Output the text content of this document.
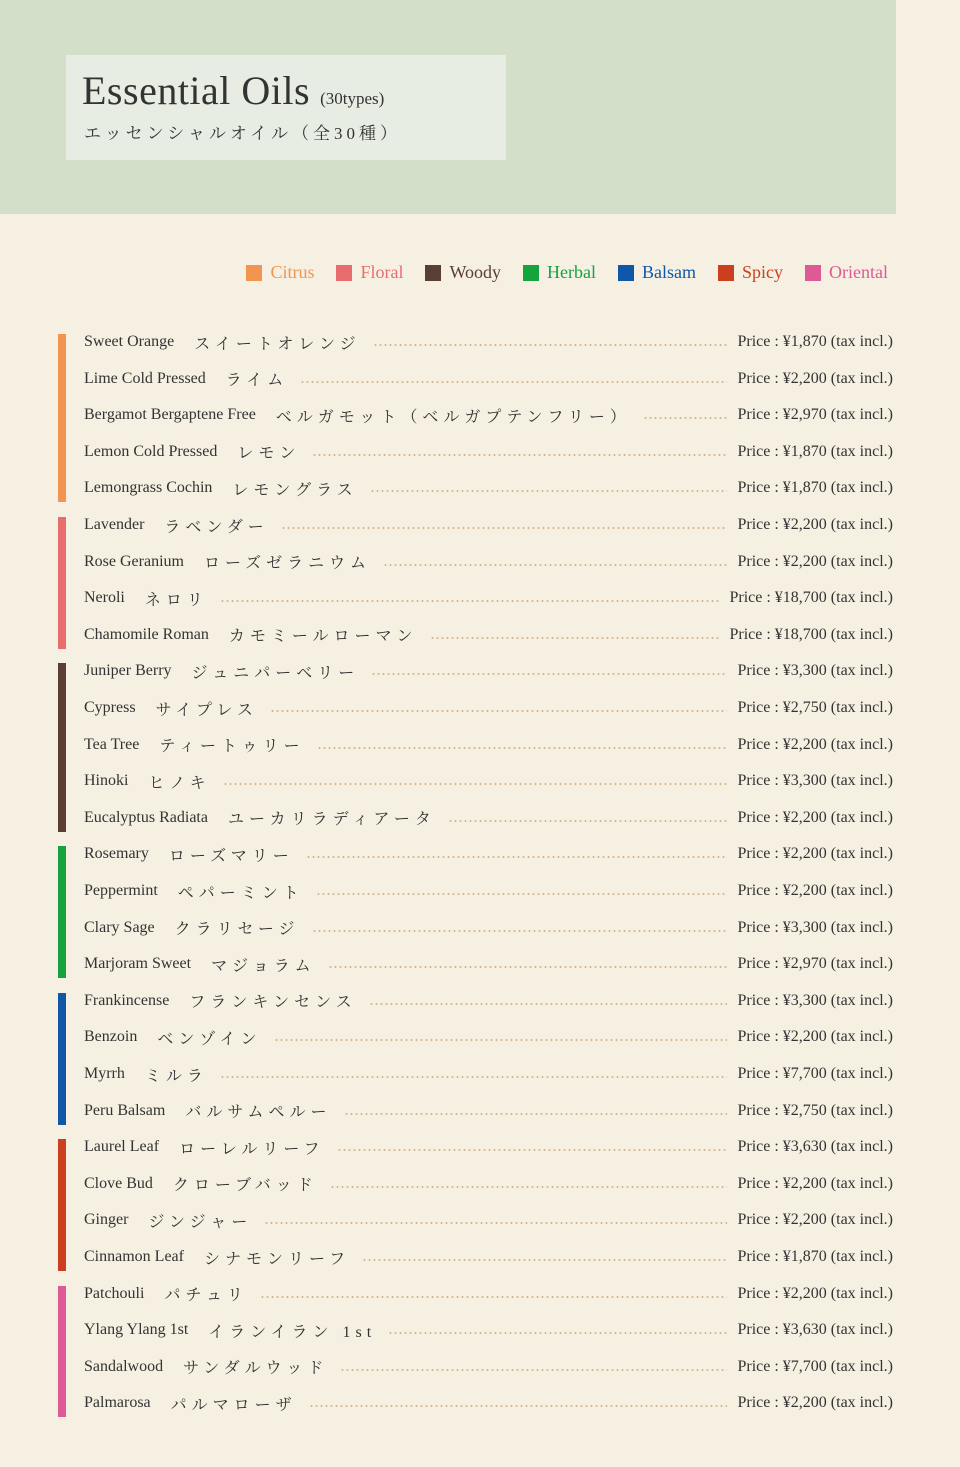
Essential Oils (30types)
エッセンシャルオイル（全30種）
Citrus	Floral	Woody	Herbal	Balsam	Spicy	Oriental
Sweet Orange スイートオレンジ	Price : ¥1,870 (tax incl.)
Lime Cold Pressed ライム	Price : ¥2,200 (tax incl.)
Bergamot Bergaptene Free ベルガモット（ベルガプテンフリー）	Price : ¥2,970 (tax incl.)
Lemon Cold Pressed レモン	Price : ¥1,870 (tax incl.)
Lemongrass Cochin レモングラス	Price : ¥1,870 (tax incl.)
Lavender ラベンダー	Price : ¥2,200 (tax incl.)
Rose Geranium ローズゼラニウム	Price : ¥2,200 (tax incl.)
Neroli ネロリ	Price : ¥18,700 (tax incl.)
Chamomile Roman カモミールローマン	Price : ¥18,700 (tax incl.)
Juniper Berry ジュニパーベリー	Price : ¥3,300 (tax incl.)
Cypress サイプレス	Price : ¥2,750 (tax incl.)
Tea Tree ティートゥリー	Price : ¥2,200 (tax incl.)
Hinoki ヒノキ	Price : ¥3,300 (tax incl.)
Eucalyptus Radiata ユーカリラディアータ	Price : ¥2,200 (tax incl.)
Rosemary ローズマリー	Price : ¥2,200 (tax incl.)
Peppermint ペパーミント	Price : ¥2,200 (tax incl.)
Clary Sage クラリセージ	Price : ¥3,300 (tax incl.)
Marjoram Sweet マジョラム	Price : ¥2,970 (tax incl.)
Frankincense フランキンセンス	Price : ¥3,300 (tax incl.)
Benzoin ベンゾイン	Price : ¥2,200 (tax incl.)
Myrrh ミルラ	Price : ¥7,700 (tax incl.)
Peru Balsam バルサムペルー	Price : ¥2,750 (tax incl.)
Laurel Leaf ローレルリーフ	Price : ¥3,630 (tax incl.)
Clove Bud クローブバッド	Price : ¥2,200 (tax incl.)
Ginger ジンジャー	Price : ¥2,200 (tax incl.)
Cinnamon Leaf シナモンリーフ	Price : ¥1,870 (tax incl.)
Patchouli パチュリ	Price : ¥2,200 (tax incl.)
Ylang Ylang 1st イランイラン 1st	Price : ¥3,630 (tax incl.)
Sandalwood サンダルウッド	Price : ¥7,700 (tax incl.)
Palmarosa パルマローザ	Price : ¥2,200 (tax incl.)
